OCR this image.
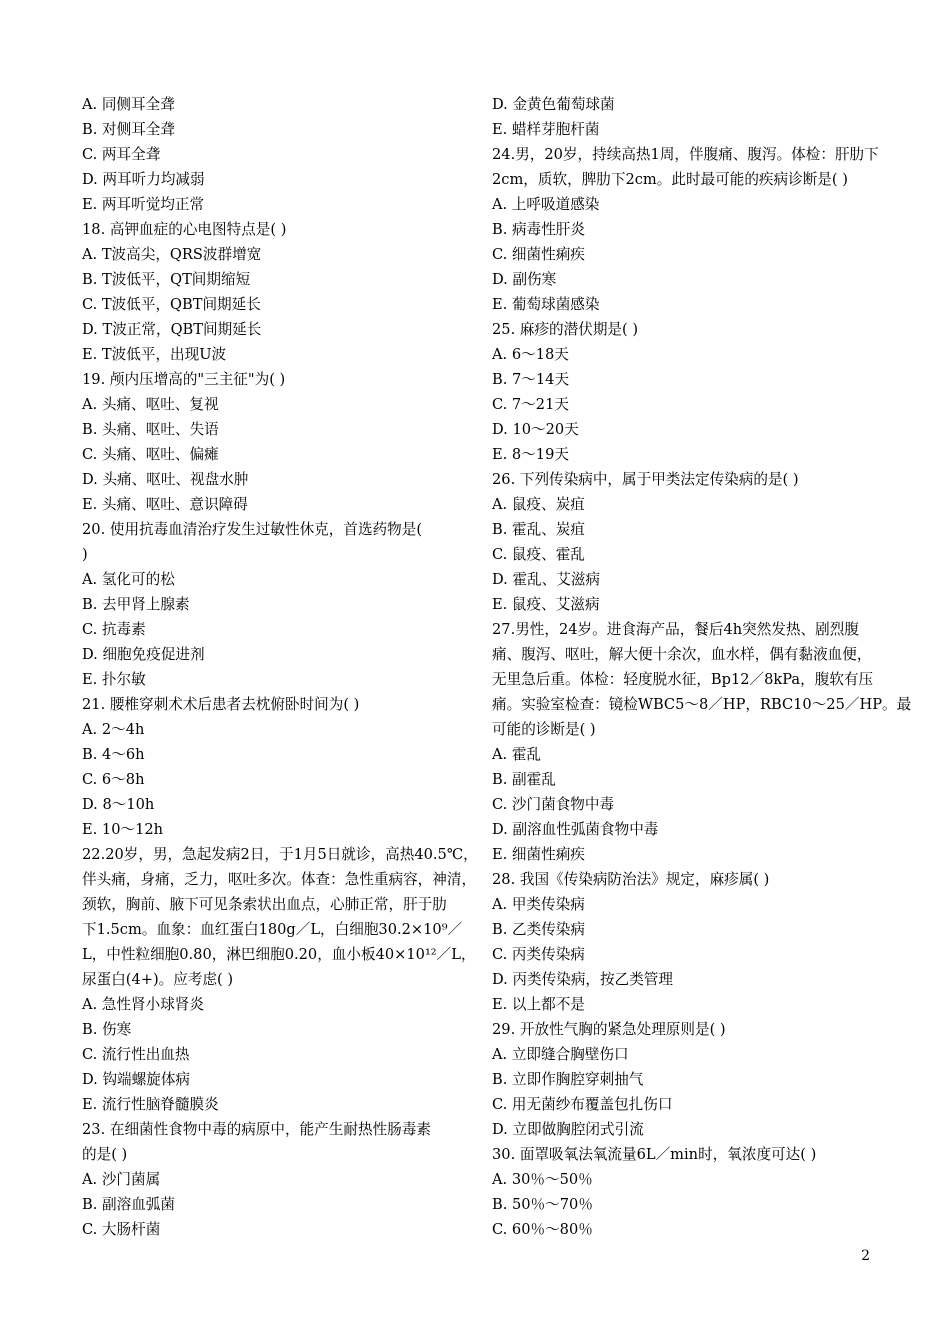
A. 同侧耳全聋
B. 对侧耳全聋
C. 两耳全聋
D. 两耳听力均减弱
E. 两耳听觉均正常
18. 高钾血症的心电图特点是( )
A. T波高尖，QRS波群增宽
B. T波低平，QT间期缩短
C. T波低平，QBT间期延长
D. T波正常，QBT间期延长
E. T波低平，出现U波
19. 颅内压增高的"三主征"为( )
A. 头痛、呕吐、复视
B. 头痛、呕吐、失语
C. 头痛、呕吐、偏瘫
D. 头痛、呕吐、视盘水肿
E. 头痛、呕吐、意识障碍
20. 使用抗毒血清治疗发生过敏性休克，首选药物是(
)
A. 氢化可的松
B. 去甲肾上腺素
C. 抗毒素
D. 细胞免疫促进剂
E. 扑尔敏
21. 腰椎穿刺术术后患者去枕俯卧时间为( )
A. 2～4h
B. 4～6h
C. 6～8h
D. 8～10h
E. 10～12h
22.20岁，男，急起发病2日，于1月5日就诊，高热40.5℃，
伴头痛，身痛，乏力，呕吐多次。体查：急性重病容，神清，
颈软，胸前、腋下可见条索状出血点，心肺正常，肝于肋
下1.5cm。血象：血红蛋白180g／L，白细胞30.2×10⁹／
L，中性粒细胞0.80，淋巴细胞0.20，血小板40×10¹²／L，
尿蛋白(4+)。应考虑( )
A. 急性肾小球肾炎
B. 伤寒
C. 流行性出血热
D. 钩端螺旋体病
E. 流行性脑脊髓膜炎
23. 在细菌性食物中毒的病原中，能产生耐热性肠毒素
的是( )
A. 沙门菌属
B. 副溶血弧菌
C. 大肠杆菌
D. 金黄色葡萄球菌
E. 蜡样芽胞杆菌
24.男，20岁，持续高热1周，伴腹痛、腹泻。体检：肝肋下
2cm，质软，脾肋下2cm。此时最可能的疾病诊断是( )
A. 上呼吸道感染
B. 病毒性肝炎
C. 细菌性痢疾
D. 副伤寒
E. 葡萄球菌感染
25. 麻疹的潜伏期是( )
A. 6～18天
B. 7～14天
C. 7～21天
D. 10～20天
E. 8～19天
26. 下列传染病中，属于甲类法定传染病的是( )
A. 鼠疫、炭疽
B. 霍乱、炭疽
C. 鼠疫、霍乱
D. 霍乱、艾滋病
E. 鼠疫、艾滋病
27.男性，24岁。进食海产品，餐后4h突然发热、剧烈腹
痛、腹泻、呕吐，解大便十余次，血水样，偶有黏液血便，
无里急后重。体检：轻度脱水征，Bp12／8kPa，腹软有压
痛。实验室检查：镜检WBC5～8／HP，RBC10～25／HP。最
可能的诊断是( )
A. 霍乱
B. 副霍乱
C. 沙门菌食物中毒
D. 副溶血性弧菌食物中毒
E. 细菌性痢疾
28. 我国《传染病防治法》规定，麻疹属( )
A. 甲类传染病
B. 乙类传染病
C. 丙类传染病
D. 丙类传染病，按乙类管理
E. 以上都不是
29. 开放性气胸的紧急处理原则是( )
A. 立即缝合胸壁伤口
B. 立即作胸腔穿刺抽气
C. 用无菌纱布覆盖包扎伤口
D. 立即做胸腔闭式引流
30. 面罩吸氧法氧流量6L／min时，氧浓度可达( )
A. 30％～50％
B. 50％～70％
C. 60％～80％
2
